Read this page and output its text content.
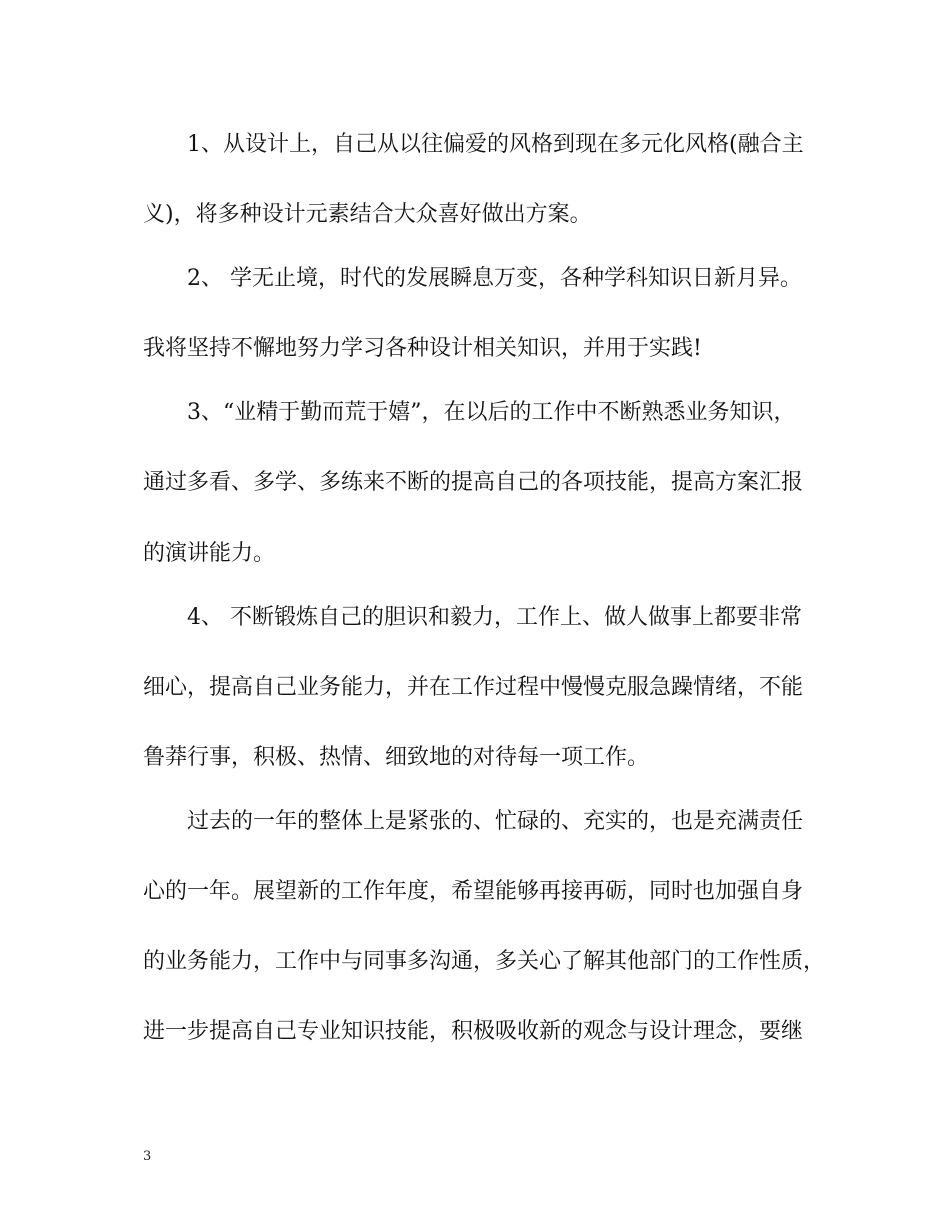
1、从设计上，自己从以往偏爱的风格到现在多元化风格(融合主
义)，将多种设计元素结合大众喜好做出方案。
2、 学无止境，时代的发展瞬息万变，各种学科知识日新月异。
我将坚持不懈地努力学习各种设计相关知识，并用于实践!
3、“业精于勤而荒于嬉”，在以后的工作中不断熟悉业务知识，
通过多看、多学、多练来不断的提高自己的各项技能，提高方案汇报
的演讲能力。
4、 不断锻炼自己的胆识和毅力，工作上、做人做事上都要非常
细心，提高自己业务能力，并在工作过程中慢慢克服急躁情绪，不能
鲁莽行事，积极、热情、细致地的对待每一项工作。
过去的一年的整体上是紧张的、忙碌的、充实的，也是充满责任
心的一年。展望新的工作年度，希望能够再接再砺，同时也加强自身
的业务能力，工作中与同事多沟通，多关心了解其他部门的工作性质，
进一步提高自己专业知识技能，积极吸收新的观念与设计理念，要继
3
